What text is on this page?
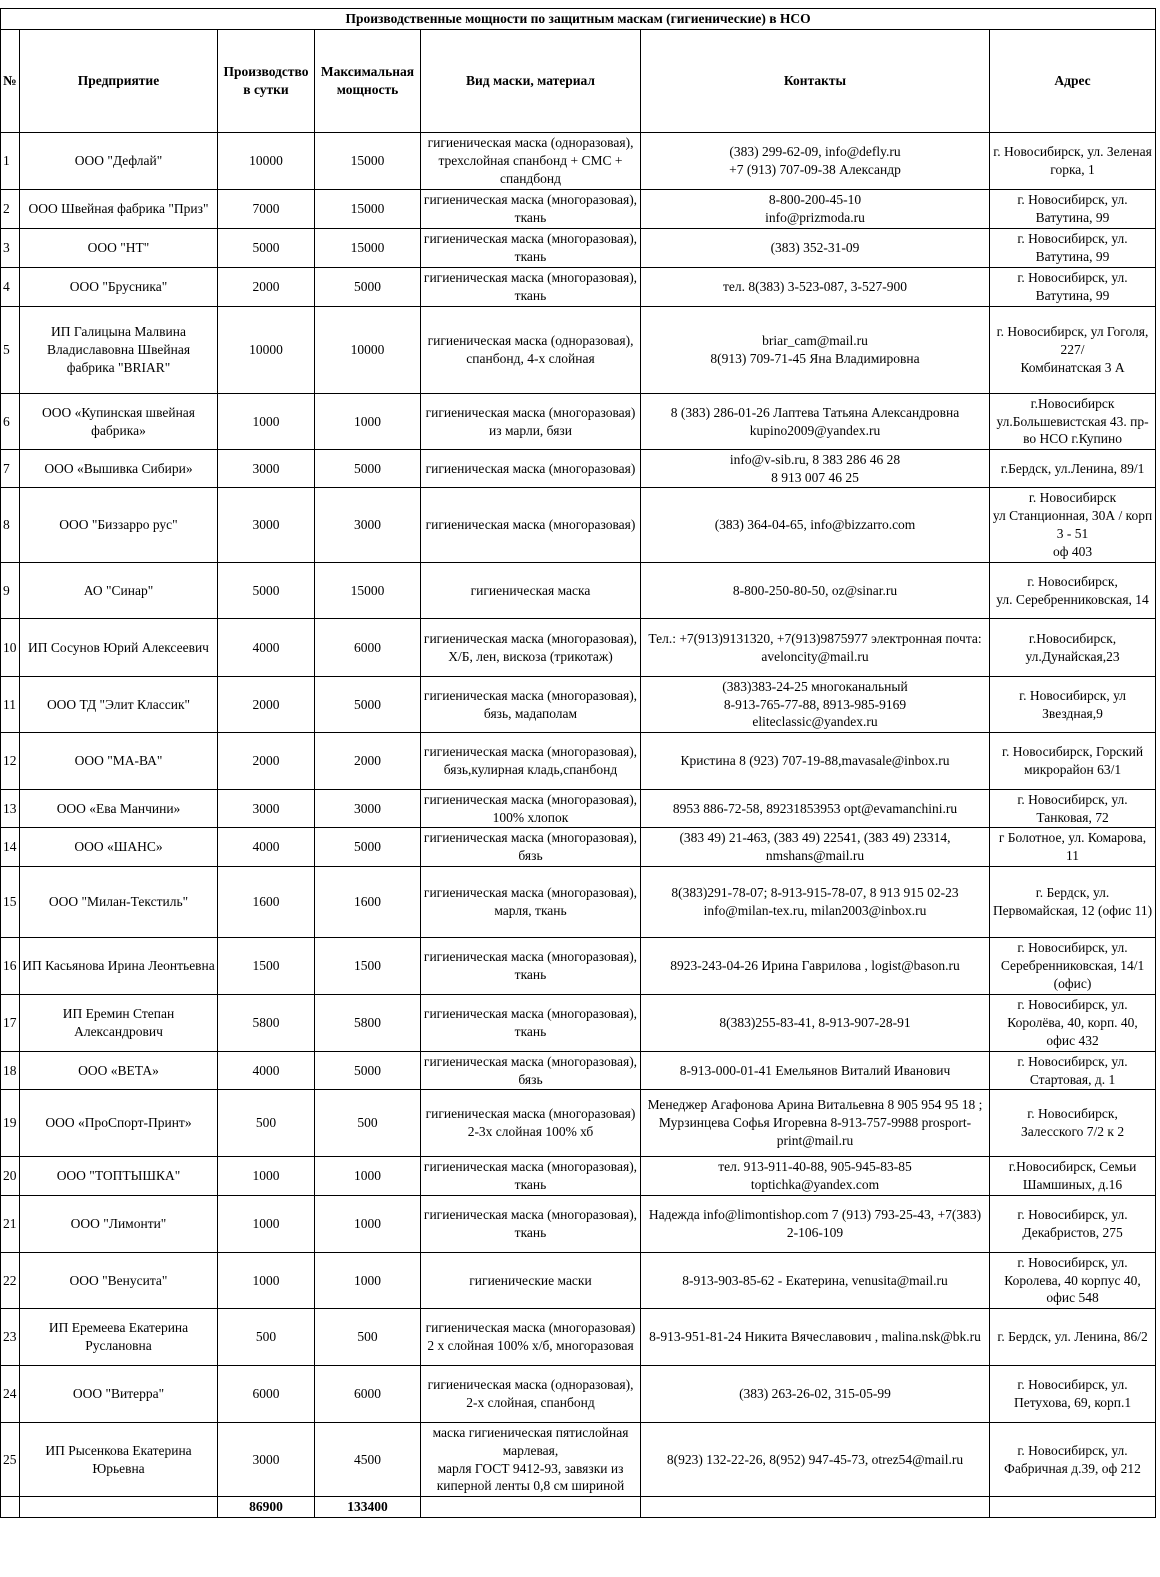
Производственные мощности по защитным маскам (гигиенические) в НСО						
№	Предприятие	Производство в сутки	Максимальная мощность	Вид маски, материал	Контакты	Адрес
1	ООО "Дефлай"	10000	15000	гигиеническая маска (одноразовая), трехслойная спанбонд + СМС + спандбонд	(383) 299-62-09, info@defly.ru
+7 (913) 707-09-38 Александр	г. Новосибирск, ул. Зеленая горка, 1
2	ООО Швейная фабрика "Приз"	7000	15000	гигиеническая маска (многоразовая), ткань	8-800-200-45-10
info@prizmoda.ru	г. Новосибирск, ул. Ватутина, 99
3	ООО "НТ"	5000	15000	гигиеническая маска (многоразовая), ткань	(383) 352-31-09	г. Новосибирск, ул. Ватутина, 99
4	ООО "Брусника"	2000	5000	гигиеническая маска (многоразовая), ткань	тел. 8(383) 3-523-087, 3-527-900	г. Новосибирск, ул. Ватутина, 99
5	ИП Галицына Малвина Владиславовна Швейная фабрика "BRIAR"	10000	10000	гигиеническая маска (одноразовая), спанбонд, 4-х слойная	briar_cam@mail.ru
8(913) 709-71-45 Яна Владимировна	г. Новосибирск, ул Гоголя, 227/
Комбинатская 3 А
6	ООО «Купинская швейная фабрика»	1000	1000	гигиеническая маска (многоразовая) из марли, бязи	8 (383) 286-01-26 Лаптева Татьяна Александровна kupino2009@yandex.ru	г.Новосибирск ул.Большевистская 43. пр-во НСО г.Купино
7	ООО «Вышивка Сибири»	3000	5000	гигиеническая маска (многоразовая)	info@v-sib.ru, 8 383 286 46 28
8 913 007 46 25	г.Бердск, ул.Ленина, 89/1
8	ООО "Биззарро рус"	3000	3000	гигиеническая маска (многоразовая)	(383) 364-04-65, info@bizzarro.com	г. Новосибирск
ул Станционная, 30А / корп 3 - 51
оф 403
9	АО "Синар"	5000	15000	гигиеническая маска	8-800-250-80-50, oz@sinar.ru	г. Новосибирск,
ул. Серебренниковская, 14
10	ИП Сосунов Юрий Алексеевич	4000	6000	гигиеническая маска (многоразовая), Х/Б, лен, вискоза (трикотаж)	Тел.: +7(913)9131320, +7(913)9875977 электронная почта: aveloncity@mail.ru	г.Новосибирск,
ул.Дунайская,23
11	ООО ТД "Элит Классик"	2000	5000	гигиеническая маска (многоразовая), бязь, мадаполам	(383)383-24-25 многоканальный
8-913-765-77-88, 8913-985-9169
eliteclassic@yandex.ru	г. Новосибирск, ул Звездная,9
12	ООО "МА-ВА"	2000	2000	гигиеническая маска (многоразовая), бязь,кулирная кладь,спанбонд	Кристина 8 (923) 707-19-88,mavasale@inbox.ru	г. Новосибирск, Горский микрорайон 63/1
13	ООО «Ева Манчини»	3000	3000	гигиеническая маска (многоразовая), 100% хлопок	8953 886-72-58, 89231853953 opt@evamanchini.ru	г. Новосибирск, ул. Танковая, 72
14	ООО «ШАНС»	4000	5000	гигиеническая маска (многоразовая), бязь	(383 49) 21-463, (383 49) 22541, (383 49) 23314, nmshans@mail.ru	г Болотное, ул. Комарова, 11
15	ООО "Милан-Текстиль"	1600	1600	гигиеническая маска (многоразовая), марля, ткань	8(383)291-78-07; 8-913-915-78-07, 8 913 915 02-23 info@milan-tex.ru, milan2003@inbox.ru	г. Бердск, ул. Первомайская, 12 (офис 11)
16	ИП Касьянова Ирина Леонтьевна	1500	1500	гигиеническая маска (многоразовая), ткань	8923-243-04-26 Ирина Гаврилова , logist@bason.ru	г. Новосибирск, ул. Серебренниковская, 14/1 (офис)
17	ИП Еремин Степан Александрович	5800	5800	гигиеническая маска (многоразовая), ткань	8(383)255-83-41, 8-913-907-28-91	г. Новосибирск, ул. Королёва, 40, корп. 40, офис 432
18	ООО «ВЕТА»	4000	5000	гигиеническая маска (многоразовая), бязь	8-913-000-01-41 Емельянов Виталий Иванович	г. Новосибирск, ул. Стартовая, д. 1
19	ООО «ПроСпорт-Принт»	500	500	гигиеническая маска (многоразовая) 2-3х слойная 100% хб	Менеджер Агафонова Арина Витальевна 8 905 954 95 18 ; Мурзинцева Софья Игоревна 8-913-757-9988 prosport-print@mail.ru	г. Новосибирск,
Залесского 7/2 к 2
20	ООО "ТОПТЫШКА"	1000	1000	гигиеническая маска (многоразовая), ткань	тел. 913-911-40-88, 905-945-83-85
toptichka@yandex.com	г.Новосибирск, Семьи Шамшиных, д.16
21	ООО "Лимонти"	1000	1000	гигиеническая маска (многоразовая), ткань	Надежда info@limontishop.com 7 (913) 793-25-43, +7(383) 2-106-109	г. Новосибирск, ул. Декабристов, 275
22	ООО "Венусита"	1000	1000	гигиенические маски	8-913-903-85-62 - Екатерина, venusita@mail.ru	г. Новосибирск, ул. Королева, 40 корпус 40, офис 548
23	ИП Еремеева Екатерина Руслановна	500	500	гигиеническая маска (многоразовая) 2 х слойная 100% х/б, многоразовая	8-913-951-81-24 Никита Вячеславович , malina.nsk@bk.ru	г. Бердск, ул. Ленина, 86/2
24	ООО "Витерра"	6000	6000	гигиеническая маска (одноразовая), 2-х слойная, спанбонд	(383) 263-26-02, 315-05-99	г. Новосибирск, ул. Петухова, 69, корп.1
25	ИП Рысенкова Екатерина Юрьевна	3000	4500	маска гигиеническая пятислойная марлевая,
марля ГОСТ 9412-93, завязки из киперной ленты 0,8 см шириной	8(923) 132-22-26, 8(952) 947-45-73, otrez54@mail.ru	г. Новосибирск, ул. Фабричная д.39, оф 212
		86900	133400			
